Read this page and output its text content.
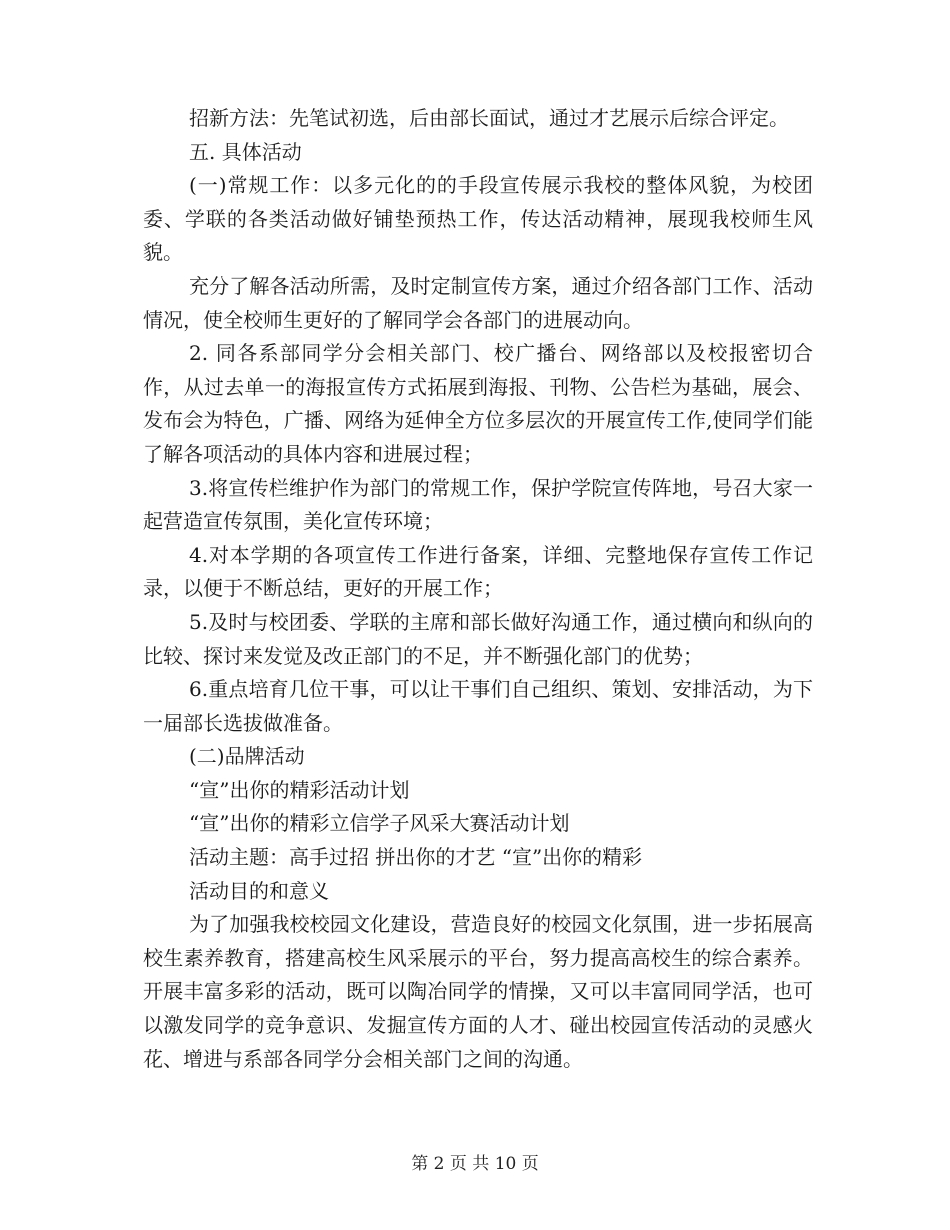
招新方法：先笔试初选，后由部长面试，通过才艺展示后综合评定。

五. 具体活动

(一)常规工作：以多元化的的手段宣传展示我校的整体风貌，为校团委、学联的各类活动做好铺垫预热工作，传达活动精神，展现我校师生风貌。

充分了解各活动所需，及时定制宣传方案，通过介绍各部门工作、活动情况，使全校师生更好的了解同学会各部门的进展动向。

2. 同各系部同学分会相关部门、校广播台、网络部以及校报密切合作，从过去单一的海报宣传方式拓展到海报、刊物、公告栏为基础，展会、发布会为特色，广播、网络为延伸全方位多层次的开展宣传工作,使同学们能了解各项活动的具体内容和进展过程；

3.将宣传栏维护作为部门的常规工作，保护学院宣传阵地，号召大家一起营造宣传氛围，美化宣传环境；

4.对本学期的各项宣传工作进行备案，详细、完整地保存宣传工作记录，以便于不断总结，更好的开展工作；

5.及时与校团委、学联的主席和部长做好沟通工作，通过横向和纵向的比较、探讨来发觉及改正部门的不足，并不断强化部门的优势；

6.重点培育几位干事，可以让干事们自己组织、策划、安排活动，为下一届部长选拔做准备。

(二)品牌活动

“宣”出你的精彩活动计划

“宣”出你的精彩立信学子风采大赛活动计划

活动主题：高手过招 拼出你的才艺 “宣”出你的精彩

活动目的和意义

为了加强我校校园文化建设，营造良好的校园文化氛围，进一步拓展高校生素养教育，搭建高校生风采展示的平台，努力提高高校生的综合素养。开展丰富多彩的活动，既可以陶冶同学的情操，又可以丰富同同学活，也可以激发同学的竞争意识、发掘宣传方面的人才、碰出校园宣传活动的灵感火花、增进与系部各同学分会相关部门之间的沟通。

第 2 页 共 10 页
